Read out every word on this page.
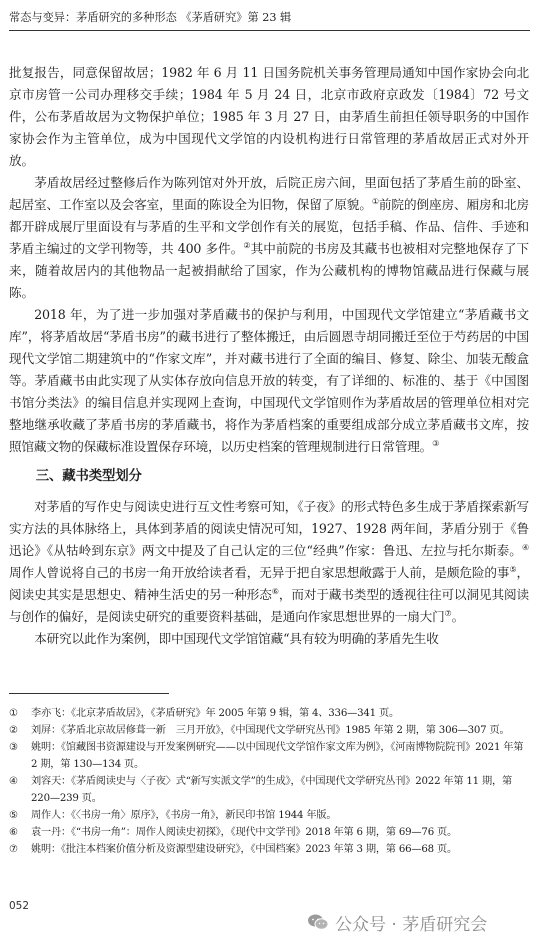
常态与变异：茅盾研究的多种形态 《茅盾研究》第 23 辑

批复报告，同意保留故居；1982 年 6 月 11 日国务院机关事务管理局通知中国作家协会向北京市房管一公司办理移交手续；1984 年 5 月 24 日，北京市政府京政发〔1984〕72 号文件，公布茅盾故居为文物保护单位；1985 年 3 月 27 日，由茅盾生前担任领导职务的中国作家协会作为主管单位，成为中国现代文学馆的内设机构进行日常管理的茅盾故居正式对外开放。

茅盾故居经过整修后作为陈列馆对外开放，后院正房六间，里面包括了茅盾生前的卧室、起居室、工作室以及会客室，里面的陈设全为旧物，保留了原貌。①前院的倒座房、厢房和北房都开辟成展厅里面设有与茅盾的生平和文学创作有关的展览，包括手稿、作品、信件、手迹和茅盾主编过的文学刊物等，共 400 多件。②其中前院的书房及其藏书也被相对完整地保存了下来，随着故居内的其他物品一起被捐献给了国家，作为公藏机构的博物馆藏品进行保藏与展陈。

2018 年，为了进一步加强对茅盾藏书的保护与利用，中国现代文学馆建立“茅盾藏书文库”，将茅盾故居“茅盾书房”的藏书进行了整体搬迁，由后圆恩寺胡同搬迁至位于芍药居的中国现代文学馆二期建筑中的“作家文库”，并对藏书进行了全面的编目、修复、除尘、加装无酸盒等。茅盾藏书由此实现了从实体存放向信息开放的转变，有了详细的、标准的、基于《中国图书馆分类法》的编目信息并实现网上查询，中国现代文学馆则作为茅盾故居的管理单位相对完整地继承收藏了茅盾书房的茅盾藏书，将作为茅盾档案的重要组成部分成立茅盾藏书文库，按照馆藏文物的保藏标准设置保存环境，以历史档案的管理规制进行日常管理。③

三、藏书类型划分

对茅盾的写作史与阅读史进行互文性考察可知，《子夜》的形式特色多生成于茅盾探索新写实方法的具体脉络上，具体到茅盾的阅读史情况可知，1927、1928 两年间，茅盾分别于《鲁迅论》《从牯岭到东京》两文中提及了自己认定的三位“经典”作家：鲁迅、左拉与托尔斯泰。④ 周作人曾说将自己的书房一角开放给读者看，无异于把自家思想敞露于人前，是颇危险的事⑤，阅读史其实是思想史、精神生活史的另一种形态⑥，而对于藏书类型的透视往往可以洞见其阅读与创作的偏好，是阅读史研究的重要资料基础，是通向作家思想世界的一扇大门⑦。

本研究以此作为案例，即中国现代文学馆馆藏“具有较为明确的茅盾先生收

①	李亦飞：《北京茅盾故居》，《茅盾研究》年 2005 年第 9 辑，第 4、336—341 页。
②	刘屏：《茅盾北京故居修葺一新　三月开放》，《中国现代文学研究丛刊》1985 年第 2 期，第 306—307 页。
③	姚明：《馆藏图书资源建设与开发案例研究——以中国现代文学馆作家文库为例》，《河南博物院院刊》2021 年第 2 期，第 130—134 页。
④	刘容天：《茅盾阅读史与〈子夜〉式“新写实派文学”的生成》，《中国现代文学研究丛刊》2022 年第 11 期，第 220—239 页。
⑤	周作人：《〈书房一角〉原序》，《书房一角》，新民印书馆 1944 年版。
⑥	袁一丹：《“书房一角”：周作人阅读史初探》，《现代中文学刊》2018 年第 6 期，第 69—76 页。
⑦	姚明：《批注本档案价值分析及资源型建设研究》，《中国档案》2023 年第 3 期，第 66—68 页。
052
公众号 · 茅盾研究会
